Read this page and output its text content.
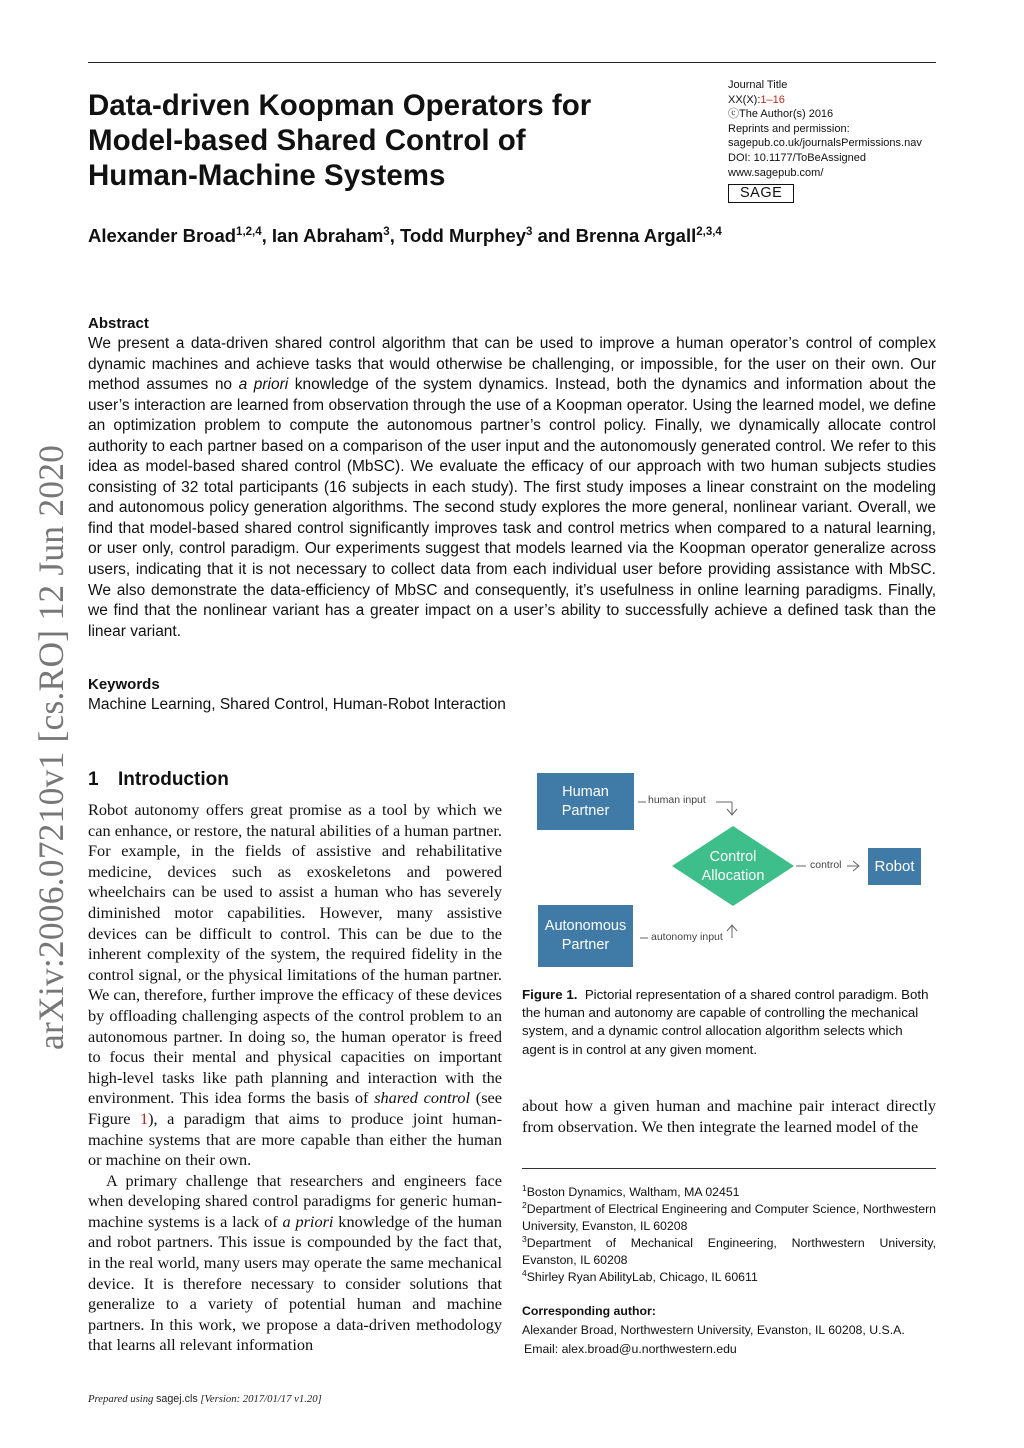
Data-driven Koopman Operators for
Model-based Shared Control of
Human-Machine Systems
Journal Title
XX(X):1–16
ⓒThe Author(s) 2016
Reprints and permission:
sagepub.co.uk/journalsPermissions.nav
DOI: 10.1177/ToBeAssigned
www.sagepub.com/
SAGE
Alexander Broad$^{1,2,4}$, Ian Abraham$^3$, Todd Murphey$^3$ and Brenna Argall$^{2,3,4}$
Abstract
We present a data-driven shared control algorithm that can be used to improve a human operator’s control of complex dynamic machines and achieve tasks that would otherwise be challenging, or impossible, for the user on their own. Our method assumes no a priori knowledge of the system dynamics. Instead, both the dynamics and information about the user’s interaction are learned from observation through the use of a Koopman operator. Using the learned model, we define an optimization problem to compute the autonomous partner’s control policy. Finally, we dynamically allocate control authority to each partner based on a comparison of the user input and the autonomously generated control. We refer to this idea as model-based shared control (MbSC). We evaluate the efficacy of our approach with two human subjects studies consisting of 32 total participants (16 subjects in each study). The first study imposes a linear constraint on the modeling and autonomous policy generation algorithms. The second study explores the more general, nonlinear variant. Overall, we find that model-based shared control significantly improves task and control metrics when compared to a natural learning, or user only, control paradigm. Our experiments suggest that models learned via the Koopman operator generalize across users, indicating that it is not necessary to collect data from each individual user before providing assistance with MbSC. We also demonstrate the data-efficiency of MbSC and consequently, it’s usefulness in online learning paradigms. Finally, we find that the nonlinear variant has a greater impact on a user’s ability to successfully achieve a defined task than the linear variant.
Keywords
Machine Learning, Shared Control, Human-Robot Interaction
arXiv:2006.07210v1 [cs.RO] 12 Jun 2020 1 Introduction

Robot autonomy offers great promise as a tool by which we can enhance, or restore, the natural abilities of a human partner. For example, in the fields of assistive and rehabilitative medicine, devices such as exoskeletons and powered wheelchairs can be used to assist a human who has severely diminished motor capabilities. However, many assistive devices can be difficult to control. This can be due to the inherent complexity of the system, the required fidelity in the control signal, or the physical limitations of the human partner. We can, therefore, further improve the efficacy of these devices by offloading challenging aspects of the control problem to an autonomous partner. In doing so, the human operator is freed to focus their mental and physical capacities on important high-level tasks like path planning and interaction with the environment. This idea forms the basis of shared control (see Figure 1), a paradigm that aims to produce joint human-machine systems that are more capable than either the human or machine on their own.

A primary challenge that researchers and engineers face when developing shared control paradigms for generic human-machine systems is a lack of a priori knowledge of the human and robot partners. This issue is compounded by the fact that, in the real world, many users may operate the same mechanical device. It is therefore necessary to consider solutions that generalize to a variety of potential human and machine partners. In this work, we propose a data-driven methodology that learns all relevant information

Human
Partner
Autonomous
Partner
Robot
Control
Allocation
human input
autonomy input
control
Figure 1. Pictorial representation of a shared control paradigm. Both the human and autonomy are capable of controlling the mechanical system, and a dynamic control allocation algorithm selects which agent is in control at any given moment.
about how a given human and machine pair interact directly from observation. We then integrate the learned model of the
$^1$Boston Dynamics, Waltham, MA 02451
$^2$Department of Electrical Engineering and Computer Science, Northwestern University, Evanston, IL 60208
$^3$Department of Mechanical Engineering, Northwestern University, Evanston, IL 60208
$^4$Shirley Ryan AbilityLab, Chicago, IL 60611
Corresponding author:
Alexander Broad, Northwestern University, Evanston, IL 60208, U.S.A.
Email: alex.broad@u.northwestern.edu
Prepared using sagej.cls [Version: 2017/01/17 v1.20]
